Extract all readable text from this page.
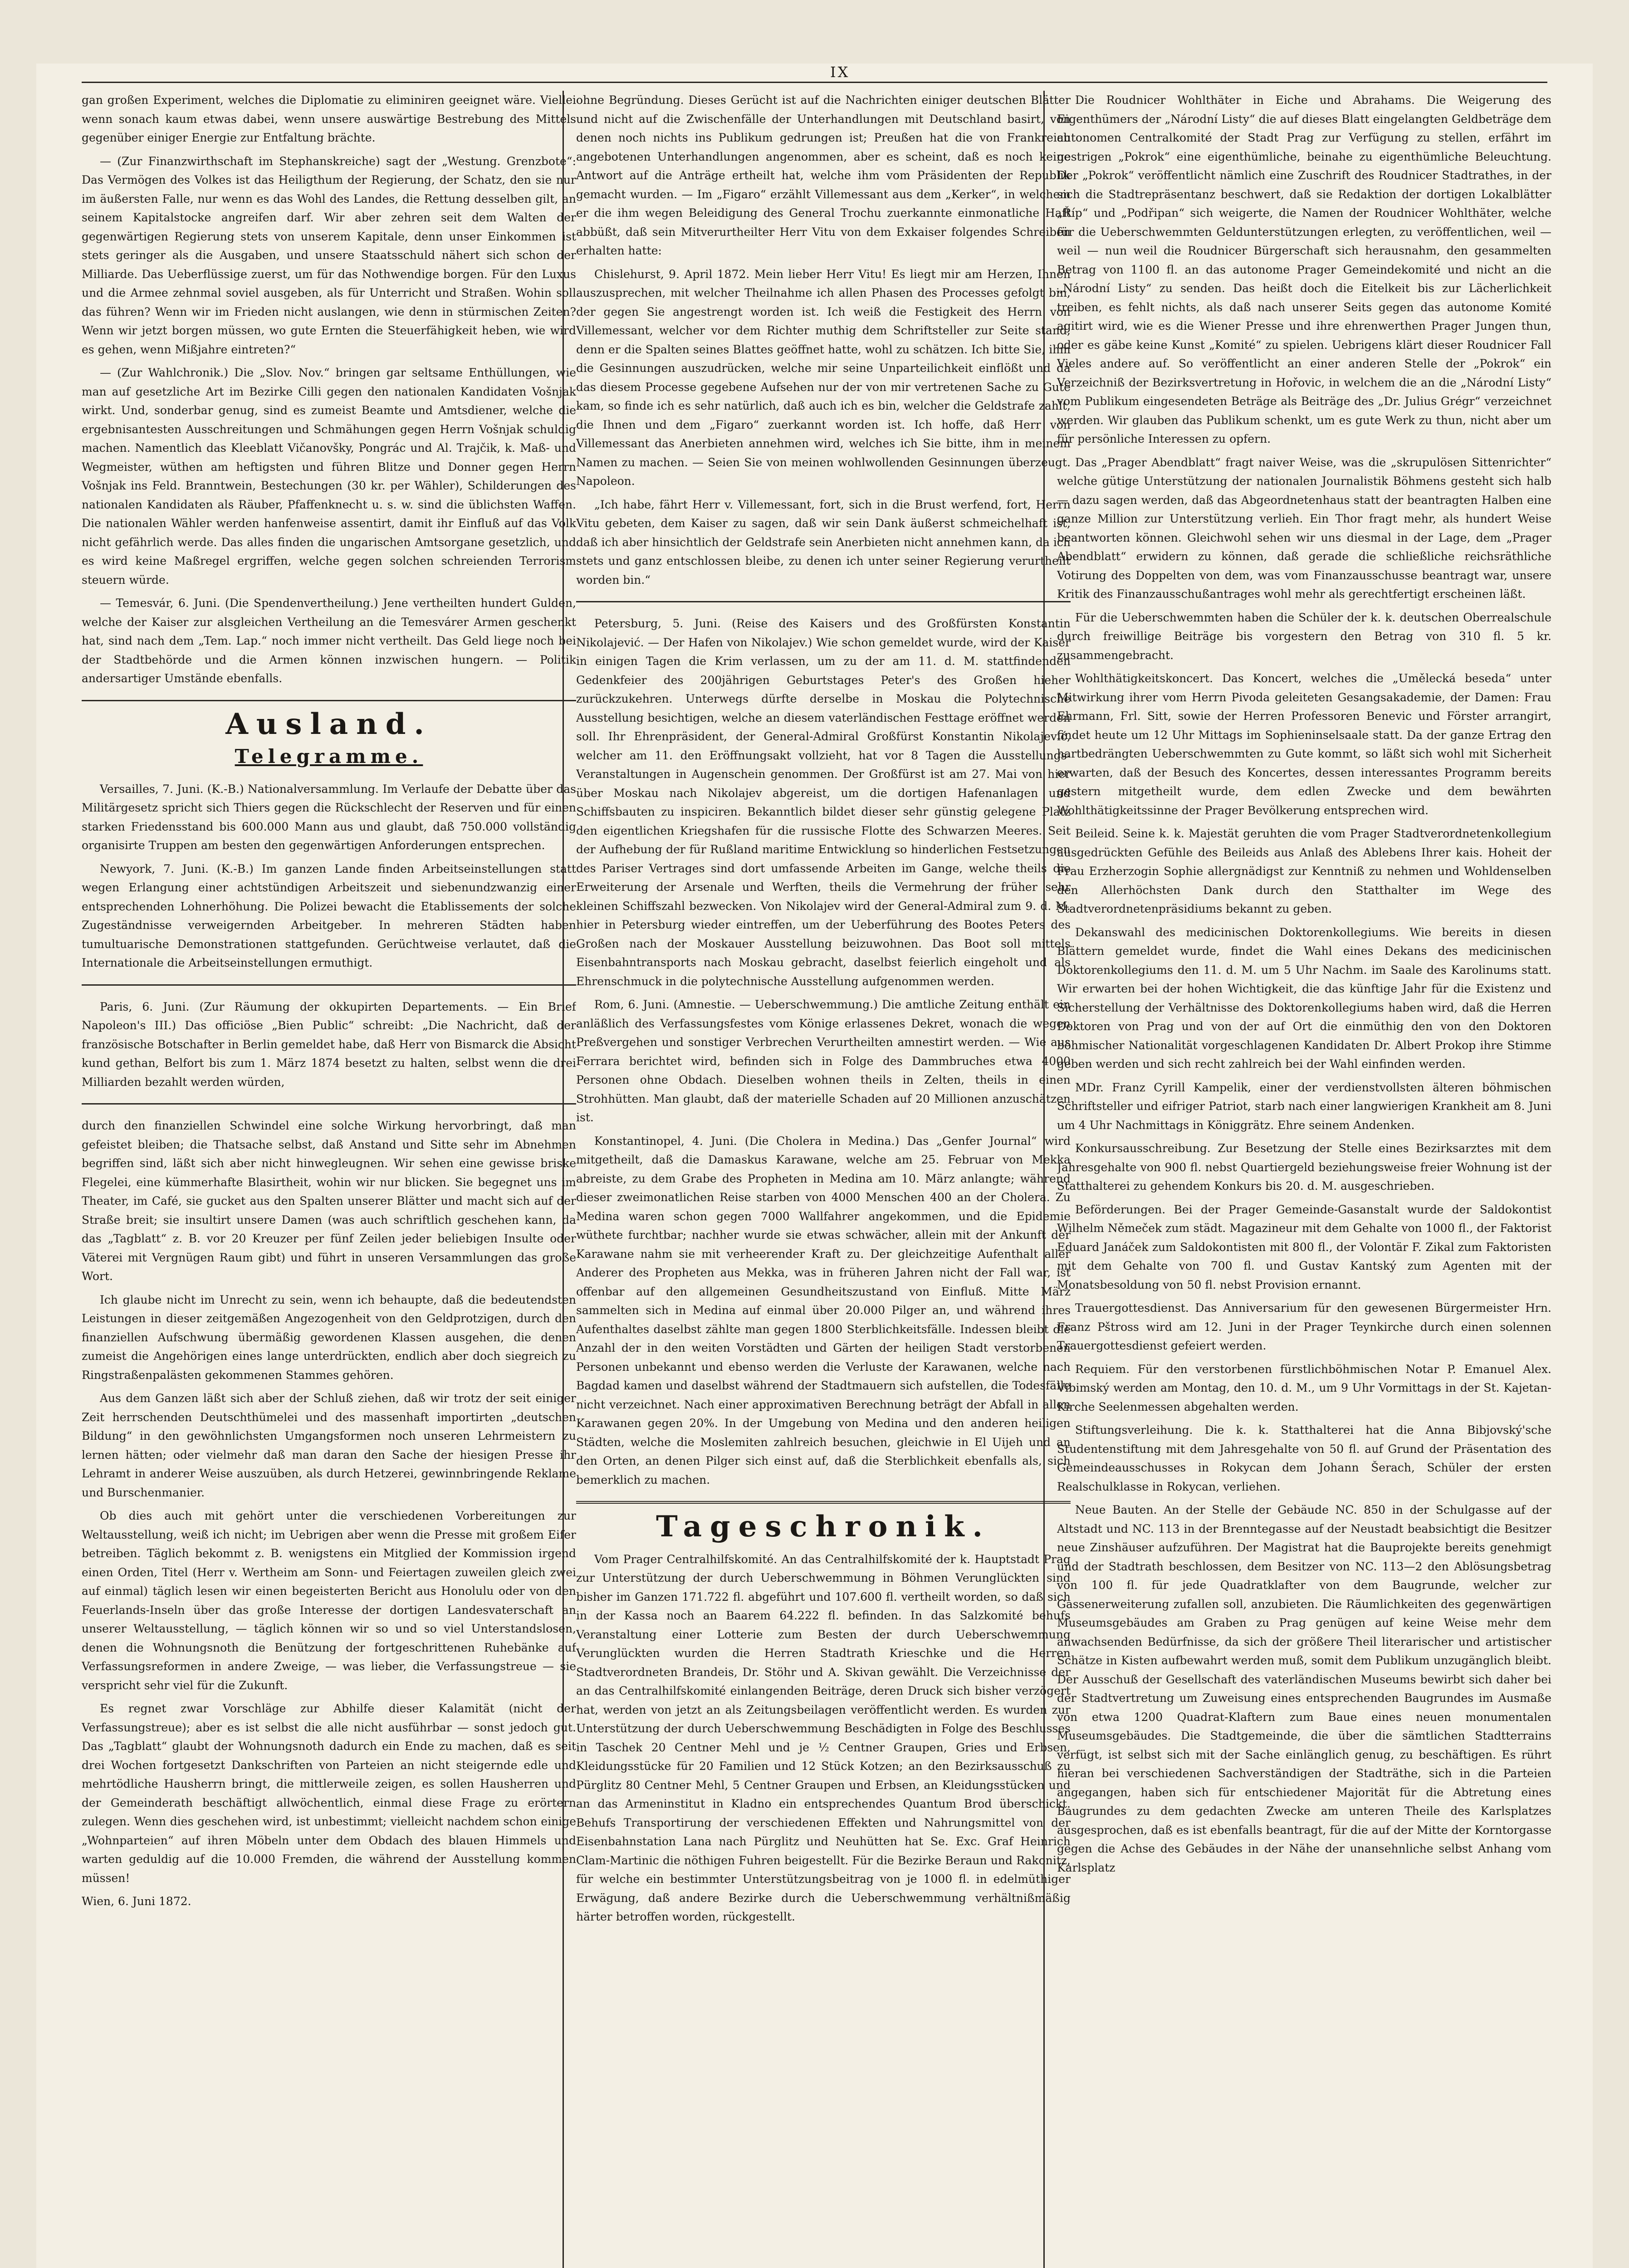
IX

gan großen Experiment, welches die Diplomatie zu eliminiren geeignet wäre. Viellei wenn sonach kaum etwas dabei, wenn unsere auswärtige Bestrebung des Mittels gegenüber einiger Energie zur Entfaltung brächte.

— (Zur Finanzwirthschaft im Stephanskreiche) sagt der „Westung. Grenzbote“: Das Vermögen des Volkes ist das Heiligthum der Regierung, der Schatz, den sie nur im äußersten Falle, nur wenn es das Wohl des Landes, die Rettung desselben gilt, an seinem Kapitalstocke angreifen darf. Wir aber zehren seit dem Walten der gegenwärtigen Regierung stets von unserem Kapitale, denn unser Einkommen ist stets geringer als die Ausgaben, und unsere Staatsschuld nähert sich schon der Milliarde. Das Ueberflüssige zuerst, um für das Nothwendige borgen. Für den Luxus und die Armee zehnmal soviel ausgeben, als für Unterricht und Straßen. Wohin soll das führen? Wenn wir im Frieden nicht auslangen, wie denn in stürmischen Zeiten? Wenn wir jetzt borgen müssen, wo gute Ernten die Steuerfähigkeit heben, wie wird es gehen, wenn Mißjahre eintreten?“

— (Zur Wahlchronik.) Die „Slov. Nov.“ bringen gar seltsame Enthüllungen, wie man auf gesetzliche Art im Bezirke Cilli gegen den nationalen Kandidaten Vošnjak wirkt. Und, sonderbar genug, sind es zumeist Beamte und Amtsdiener, welche die ergebnisantesten Ausschreitungen und Schmähungen gegen Herrn Vošnjak schuldig machen. Namentlich das Kleeblatt Vičanovšky, Pongrác und Al. Trajčik, k. Maß- und Wegmeister, wüthen am heftigsten und führen Blitze und Donner gegen Herrn Vošnjak ins Feld. Branntwein, Bestechungen (30 kr. per Wähler), Schilderungen des nationalen Kandidaten als Räuber, Pfaffenknecht u. s. w. sind die üblichsten Waffen. Die nationalen Wähler werden hanfenweise assentirt, damit ihr Einfluß auf das Volk nicht gefährlich werde. Das alles finden die ungarischen Amtsorgane gesetzlich, und es wird keine Maßregel ergriffen, welche gegen solchen schreienden Terrorism steuern würde.

— Temesvár, 6. Juni. (Die Spendenvertheilung.) Jene vertheilten hundert Gulden, welche der Kaiser zur alsgleichen Vertheilung an die Temesvárer Armen geschenkt hat, sind nach dem „Tem. Lap.“ noch immer nicht vertheilt. Das Geld liege noch bei der Stadtbehörde und die Armen können inzwischen hungern. — Politik andersartiger Umstände ebenfalls.

Ausland.
Telegramme.

Versailles, 7. Juni. (K.-B.) Nationalversammlung. Im Verlaufe der Debatte über das Militärgesetz spricht sich Thiers gegen die Rückschlecht der Reserven und für einen starken Friedensstand bis 600.000 Mann aus und glaubt, daß 750.000 vollständig organisirte Truppen am besten den gegenwärtigen Anforderungen entsprechen.

Newyork, 7. Juni. (K.-B.) Im ganzen Lande finden Arbeitseinstellungen statt wegen Erlangung einer achtstündigen Arbeitszeit und siebenundzwanzig einer entsprechenden Lohnerhöhung. Die Polizei bewacht die Etablissements der solche Zugeständnisse verweigernden Arbeitgeber. In mehreren Städten haben tumultuarische Demonstrationen stattgefunden. Gerüchtweise verlautet, daß die Internationale die Arbeitseinstellungen ermuthigt.

Paris, 6. Juni. (Zur Räumung der okkupirten Departements. — Ein Brief Napoleon's III.) Das officiöse „Bien Public“ schreibt: „Die Nachricht, daß der französische Botschafter in Berlin gemeldet habe, daß Herr von Bismarck die Absicht kund gethan, Belfort bis zum 1. März 1874 besetzt zu halten, selbst wenn die drei Milliarden bezahlt werden würden,

durch den finanziellen Schwindel eine solche Wirkung hervorbringt, daß man gefeistet bleiben; die Thatsache selbst, daß Anstand und Sitte sehr im Abnehmen begriffen sind, läßt sich aber nicht hinwegleugnen. Wir sehen eine gewisse briske Flegelei, eine kümmerhafte Blasirtheit, wohin wir nur blicken. Sie begegnet uns im Theater, im Café, sie gucket aus den Spalten unserer Blätter und macht sich auf der Straße breit; sie insultirt unsere Damen (was auch schriftlich geschehen kann, da das „Tagblatt“ z. B. vor 20 Kreuzer per fünf Zeilen jeder beliebigen Insulte oder Väterei mit Vergnügen Raum gibt) und führt in unseren Versammlungen das große Wort.

Ich glaube nicht im Unrecht zu sein, wenn ich behaupte, daß die bedeutendsten Leistungen in dieser zeitgemäßen Angezogenheit von den Geldprotzigen, durch den finanziellen Aufschwung übermäßig gewordenen Klassen ausgehen, die denen zumeist die Angehörigen eines lange unterdrückten, endlich aber doch siegreich zu Ringstraßenpalästen gekommenen Stammes gehören.

Aus dem Ganzen läßt sich aber der Schluß ziehen, daß wir trotz der seit einiger Zeit herrschenden Deutschthümelei und des massenhaft importirten „deutschen Bildung“ in den gewöhnlichsten Umgangsformen noch unseren Lehrmeistern zu lernen hätten; oder vielmehr daß man daran den Sache der hiesigen Presse ihr Lehramt in anderer Weise auszuüben, als durch Hetzerei, gewinnbringende Reklame und Burschenmanier.

Ob dies auch mit gehört unter die verschiedenen Vorbereitungen zur Weltausstellung, weiß ich nicht; im Uebrigen aber wenn die Presse mit großem Eifer betreiben. Täglich bekommt z. B. wenigstens ein Mitglied der Kommission irgend einen Orden, Titel (Herr v. Wertheim am Sonn- und Feiertagen zuweilen gleich zwei auf einmal) täglich lesen wir einen begeisterten Bericht aus Honolulu oder von den Feuerlands-Inseln über das große Interesse der dortigen Landesvaterschaft an unserer Weltausstellung, — täglich können wir so und so viel Unterstandslosen, denen die Wohnungsnoth die Benützung der fortgeschrittenen Ruhebänke auf Verfassungsreformen in andere Zweige, — was lieber, die Verfassungstreue — sie verspricht sehr viel für die Zukunft.

Es regnet zwar Vorschläge zur Abhilfe dieser Kalamität (nicht der Verfassungstreue); aber es ist selbst die alle nicht ausführbar — sonst jedoch gut. Das „Tagblatt“ glaubt der Wohnungsnoth dadurch ein Ende zu machen, daß es seit drei Wochen fortgesetzt Dankschriften von Parteien an nicht steigernde edle und mehrtödliche Hausherrn bringt, die mittlerweile zeigen, es sollen Hausherren und der Gemeinderath beschäftigt allwöchentlich, einmal diese Frage zu erörtern zulegen. Wenn dies geschehen wird, ist unbestimmt; vielleicht nachdem schon einige „Wohnparteien“ auf ihren Möbeln unter dem Obdach des blauen Himmels und warten geduldig auf die 10.000 Fremden, die während der Ausstellung kommen müssen!

Wien, 6. Juni 1872.

ohne Begründung. Dieses Gerücht ist auf die Nachrichten einiger deutschen Blätter und nicht auf die Zwischenfälle der Unterhandlungen mit Deutschland basirt, von denen noch nichts ins Publikum gedrungen ist; Preußen hat die von Frankreich angebotenen Unterhandlungen angenommen, aber es scheint, daß es noch keine Antwort auf die Anträge ertheilt hat, welche ihm vom Präsidenten der Republik gemacht wurden. — Im „Figaro“ erzählt Villemessant aus dem „Kerker“, in welchem er die ihm wegen Beleidigung des General Trochu zuerkannte einmonatliche Haft abbüßt, daß sein Mitverurtheilter Herr Vitu von dem Exkaiser folgendes Schreiben erhalten hatte:

Chislehurst, 9. April 1872. Mein lieber Herr Vitu! Es liegt mir am Herzen, Ihnen auszusprechen, mit welcher Theilnahme ich allen Phasen des Processes gefolgt bin, der gegen Sie angestrengt worden ist. Ich weiß die Festigkeit des Herrn von Villemessant, welcher vor dem Richter muthig dem Schriftsteller zur Seite stand, denn er die Spalten seines Blattes geöffnet hatte, wohl zu schätzen. Ich bitte Sie, ihm die Gesinnungen auszudrücken, welche mir seine Unparteilichkeit einflößt und da das diesem Processe gegebene Aufsehen nur der von mir vertretenen Sache zu Gute kam, so finde ich es sehr natürlich, daß auch ich es bin, welcher die Geldstrafe zahlt, die Ihnen und dem „Figaro“ zuerkannt worden ist. Ich hoffe, daß Herr von Villemessant das Anerbieten annehmen wird, welches ich Sie bitte, ihm in meinem Namen zu machen. — Seien Sie von meinen wohlwollenden Gesinnungen überzeugt. Napoleon.

„Ich habe, fährt Herr v. Villemessant, fort, sich in die Brust werfend, fort, Herrn Vitu gebeten, dem Kaiser zu sagen, daß wir sein Dank äußerst schmeichelhaft ist, daß ich aber hinsichtlich der Geldstrafe sein Anerbieten nicht annehmen kann, da ich stets und ganz entschlossen bleibe, zu denen ich unter seiner Regierung verurtheilt worden bin.“

Petersburg, 5. Juni. (Reise des Kaisers und des Großfürsten Konstantin Nikolajević. — Der Hafen von Nikolajev.) Wie schon gemeldet wurde, wird der Kaiser in einigen Tagen die Krim verlassen, um zu der am 11. d. M. stattfindenden Gedenkfeier des 200jährigen Geburtstages Peter's des Großen hieher zurückzukehren. Unterwegs dürfte derselbe in Moskau die Polytechnische Ausstellung besichtigen, welche an diesem vaterländischen Festtage eröffnet werden soll. Ihr Ehrenpräsident, der General-Admiral Großfürst Konstantin Nikolajević, welcher am 11. den Eröffnungsakt vollzieht, hat vor 8 Tagen die Ausstellungs-Veranstaltungen in Augenschein genommen. Der Großfürst ist am 27. Mai von hier über Moskau nach Nikolajev abgereist, um die dortigen Hafenanlagen und Schiffsbauten zu inspiciren. Bekanntlich bildet dieser sehr günstig gelegene Platz den eigentlichen Kriegshafen für die russische Flotte des Schwarzen Meeres. Seit der Aufhebung der für Rußland maritime Entwicklung so hinderlichen Festsetzungen des Pariser Vertrages sind dort umfassende Arbeiten im Gange, welche theils die Erweiterung der Arsenale und Werften, theils die Vermehrung der früher sehr kleinen Schiffszahl bezwecken. Von Nikolajev wird der General-Admiral zum 9. d. M. hier in Petersburg wieder eintreffen, um der Ueberführung des Bootes Peters des Großen nach der Moskauer Ausstellung beizuwohnen. Das Boot soll mittels Eisenbahntransports nach Moskau gebracht, daselbst feierlich eingeholt und als Ehrenschmuck in die polytechnische Ausstellung aufgenommen werden.

Rom, 6. Juni. (Amnestie. — Ueberschwemmung.) Die amtliche Zeitung enthält ein anläßlich des Verfassungsfestes vom Könige erlassenes Dekret, wonach die wegen Preßvergehen und sonstiger Verbrechen Verurtheilten amnestirt werden. — Wie aus Ferrara berichtet wird, befinden sich in Folge des Dammbruches etwa 4000 Personen ohne Obdach. Dieselben wohnen theils in Zelten, theils in einen Strohhütten. Man glaubt, daß der materielle Schaden auf 20 Millionen anzuschätzen ist.

Konstantinopel, 4. Juni. (Die Cholera in Medina.) Das „Genfer Journal“ wird mitgetheilt, daß die Damaskus Karawane, welche am 25. Februar von Mekka abreiste, zu dem Grabe des Propheten in Medina am 10. März anlangte; während dieser zweimonatlichen Reise starben von 4000 Menschen 400 an der Cholera. Zu Medina waren schon gegen 7000 Wallfahrer angekommen, und die Epidemie wüthete furchtbar; nachher wurde sie etwas schwächer, allein mit der Ankunft der Karawane nahm sie mit verheerender Kraft zu. Der gleichzeitige Aufenthalt aller Anderer des Propheten aus Mekka, was in früheren Jahren nicht der Fall war, ist offenbar auf den allgemeinen Gesundheitszustand von Einfluß. Mitte März sammelten sich in Medina auf einmal über 20.000 Pilger an, und während ihres Aufenthaltes daselbst zählte man gegen 1800 Sterblichkeitsfälle. Indessen bleibt die Anzahl der in den weiten Vorstädten und Gärten der heiligen Stadt verstorbenen Personen unbekannt und ebenso werden die Verluste der Karawanen, welche nach Bagdad kamen und daselbst während der Stadtmauern sich aufstellen, die Todesfälle nicht verzeichnet. Nach einer approximativen Berechnung beträgt der Abfall in allen Karawanen gegen 20%. In der Umgebung von Medina und den anderen heiligen Städten, welche die Moslemiten zahlreich besuchen, gleichwie in El Uijeh und an den Orten, an denen Pilger sich einst auf, daß die Sterblichkeit ebenfalls als, sich bemerklich zu machen.

Tageschronik.

Vom Prager Centralhilfskomité. An das Centralhilfskomité der k. Hauptstadt Prag zur Unterstützung der durch Ueberschwemmung in Böhmen Verunglückten sind bisher im Ganzen 171.722 fl. abgeführt und 107.600 fl. vertheilt worden, so daß sich in der Kassa noch an Baarem 64.222 fl. befinden. In das Salzkomité behufs Veranstaltung einer Lotterie zum Besten der durch Ueberschwemmung Verunglückten wurden die Herren Stadtrath Krieschke und die Herren Stadtverordneten Brandeis, Dr. Stöhr und A. Skivan gewählt. Die Verzeichnisse der an das Centralhilfskomité einlangenden Beiträge, deren Druck sich bisher verzögert hat, werden von jetzt an als Zeitungsbeilagen veröffentlicht werden. Es wurden zur Unterstützung der durch Ueberschwemmung Beschädigten in Folge des Beschlusses in Taschek 20 Centner Mehl und je ½ Centner Graupen, Gries und Erbsen, Kleidungsstücke für 20 Familien und 12 Stück Kotzen; an den Bezirksausschuß zu Pürglitz 80 Centner Mehl, 5 Centner Graupen und Erbsen, an Kleidungsstücken und an das Armeninstitut in Kladno ein entsprechendes Quantum Brod überschickt. Behufs Transportirung der verschiedenen Effekten und Nahrungsmittel von der Eisenbahnstation Lana nach Pürglitz und Neuhütten hat Se. Exc. Graf Heinrich Clam-Martinic die nöthigen Fuhren beigestellt. Für die Bezirke Beraun und Rakonitz, für welche ein bestimmter Unterstützungsbeitrag von je 1000 fl. in edelmüthiger Erwägung, daß andere Bezirke durch die Ueberschwemmung verhältnißmäßig härter betroffen worden, rückgestellt.

Die Roudnicer Wohlthäter in Eiche und Abrahams. Die Weigerung des Eigenthümers der „Národní Listy“ die auf dieses Blatt eingelangten Geldbeträge dem autonomen Centralkomité der Stadt Prag zur Verfügung zu stellen, erfährt im gestrigen „Pokrok“ eine eigenthümliche, beinahe zu eigenthümliche Beleuchtung. Der „Pokrok“ veröffentlicht nämlich eine Zuschrift des Roudnicer Stadtrathes, in der sich die Stadtrepräsentanz beschwert, daß sie Redaktion der dortigen Lokalblätter „Říp“ und „Podřipan“ sich weigerte, die Namen der Roudnicer Wohlthäter, welche für die Ueberschwemmten Geldunterstützungen erlegten, zu veröffentlichen, weil — weil — nun weil die Roudnicer Bürgerschaft sich herausnahm, den gesammelten Betrag von 1100 fl. an das autonome Prager Gemeindekomité und nicht an die „Národní Listy“ zu senden. Das heißt doch die Eitelkeit bis zur Lächerlichkeit treiben, es fehlt nichts, als daß nach unserer Seits gegen das autonome Komité agitirt wird, wie es die Wiener Presse und ihre ehrenwerthen Prager Jungen thun, oder es gäbe keine Kunst „Komité“ zu spielen. Uebrigens klärt dieser Roudnicer Fall Vieles andere auf. So veröffentlicht an einer anderen Stelle der „Pokrok“ ein Verzeichniß der Bezirksvertretung in Hořovic, in welchem die an die „Národní Listy“ vom Publikum eingesendeten Beträge als Beiträge des „Dr. Julius Grégr“ verzeichnet werden. Wir glauben das Publikum schenkt, um es gute Werk zu thun, nicht aber um für persönliche Interessen zu opfern.

Das „Prager Abendblatt“ fragt naiver Weise, was die „skrupulösen Sittenrichter“ welche gütige Unterstützung der nationalen Journalistik Böhmens gesteht sich halb — dazu sagen werden, daß das Abgeordnetenhaus statt der beantragten Halben eine ganze Million zur Unterstützung verlieh. Ein Thor fragt mehr, als hundert Weise beantworten können. Gleichwohl sehen wir uns diesmal in der Lage, dem „Prager Abendblatt“ erwidern zu können, daß gerade die schließliche reichsräthliche Votirung des Doppelten von dem, was vom Finanzausschusse beantragt war, unsere Kritik des Finanzausschußantrages wohl mehr als gerechtfertigt erscheinen läßt.

Für die Ueberschwemmten haben die Schüler der k. k. deutschen Oberrealschule durch freiwillige Beiträge bis vorgestern den Betrag von 310 fl. 5 kr. zusammengebracht.

Wohlthätigkeitskoncert. Das Koncert, welches die „Umělecká beseda“ unter Mitwirkung ihrer vom Herrn Pivoda geleiteten Gesangsakademie, der Damen: Frau Ehrmann, Frl. Sitt, sowie der Herren Professoren Benevic und Förster arrangirt, findet heute um 12 Uhr Mittags im Sophieninselsaale statt. Da der ganze Ertrag den hartbedrängten Ueberschwemmten zu Gute kommt, so läßt sich wohl mit Sicherheit erwarten, daß der Besuch des Koncertes, dessen interessantes Programm bereits gestern mitgetheilt wurde, dem edlen Zwecke und dem bewährten Wohlthätigkeitssinne der Prager Bevölkerung entsprechen wird.

Beileid. Seine k. k. Majestät geruhten die vom Prager Stadtverordnetenkollegium ausgedrückten Gefühle des Beileids aus Anlaß des Ablebens Ihrer kais. Hoheit der Frau Erzherzogin Sophie allergnädigst zur Kenntniß zu nehmen und Wohldenselben den Allerhöchsten Dank durch den Statthalter im Wege des Stadtverordnetenpräsidiums bekannt zu geben.

Dekanswahl des medicinischen Doktorenkollegiums. Wie bereits in diesen Blättern gemeldet wurde, findet die Wahl eines Dekans des medicinischen Doktorenkollegiums den 11. d. M. um 5 Uhr Nachm. im Saale des Karolinums statt. Wir erwarten bei der hohen Wichtigkeit, die das künftige Jahr für die Existenz und Sicherstellung der Verhältnisse des Doktorenkollegiums haben wird, daß die Herren Doktoren von Prag und von der auf Ort die einmüthig den von den Doktoren böhmischer Nationalität vorgeschlagenen Kandidaten Dr. Albert Prokop ihre Stimme geben werden und sich recht zahlreich bei der Wahl einfinden werden.

MDr. Franz Cyrill Kampelik, einer der verdienstvollsten älteren böhmischen Schriftsteller und eifriger Patriot, starb nach einer langwierigen Krankheit am 8. Juni um 4 Uhr Nachmittags in Königgrätz. Ehre seinem Andenken.

Konkursausschreibung. Zur Besetzung der Stelle eines Bezirksarztes mit dem Jahresgehalte von 900 fl. nebst Quartiergeld beziehungsweise freier Wohnung ist der Statthalterei zu gehendem Konkurs bis 20. d. M. ausgeschrieben.

Beförderungen. Bei der Prager Gemeinde-Gasanstalt wurde der Saldokontist Wilhelm Němeček zum städt. Magazineur mit dem Gehalte von 1000 fl., der Faktorist Eduard Janáček zum Saldokontisten mit 800 fl., der Volontär F. Zikal zum Faktoristen mit dem Gehalte von 700 fl. und Gustav Kantský zum Agenten mit der Monatsbesoldung von 50 fl. nebst Provision ernannt.

Trauergottesdienst. Das Anniversarium für den gewesenen Bürgermeister Hrn. Franz Pštross wird am 12. Juni in der Prager Teynkirche durch einen solennen Trauergottesdienst gefeiert werden.

Requiem. Für den verstorbenen fürstlichböhmischen Notar P. Emanuel Alex. Vibimský werden am Montag, den 10. d. M., um 9 Uhr Vormittags in der St. Kajetan-Kirche Seelenmessen abgehalten werden.

Stiftungsverleihung. Die k. k. Statthalterei hat die Anna Bibjovský'sche Studentenstiftung mit dem Jahresgehalte von 50 fl. auf Grund der Präsentation des Gemeindeausschusses in Rokycan dem Johann Šerach, Schüler der ersten Realschulklasse in Rokycan, verliehen.

Neue Bauten. An der Stelle der Gebäude NC. 850 in der Schulgasse auf der Altstadt und NC. 113 in der Brenntegasse auf der Neustadt beabsichtigt die Besitzer neue Zinshäuser aufzuführen. Der Magistrat hat die Bauprojekte bereits genehmigt und der Stadtrath beschlossen, dem Besitzer von NC. 113—2 den Ablösungsbetrag von 100 fl. für jede Quadratklafter von dem Baugrunde, welcher zur Gassenerweiterung zufallen soll, anzubieten. Die Räumlichkeiten des gegenwärtigen Museumsgebäudes am Graben zu Prag genügen auf keine Weise mehr dem anwachsenden Bedürfnisse, da sich der größere Theil literarischer und artistischer Schätze in Kisten aufbewahrt werden muß, somit dem Publikum unzugänglich bleibt. Der Ausschuß der Gesellschaft des vaterländischen Museums bewirbt sich daher bei der Stadtvertretung um Zuweisung eines entsprechenden Baugrundes im Ausmaße von etwa 1200 Quadrat-Klaftern zum Baue eines neuen monumentalen Museumsgebäudes. Die Stadtgemeinde, die über die sämtlichen Stadtterrains verfügt, ist selbst sich mit der Sache einlänglich genug, zu beschäftigen. Es rührt hieran bei verschiedenen Sachverständigen der Stadträthe, sich in die Parteien angegangen, haben sich für entschiedener Majorität für die Abtretung eines Baugrundes zu dem gedachten Zwecke am unteren Theile des Karlsplatzes ausgesprochen, daß es ist ebenfalls beantragt, für die auf der Mitte der Korntorgasse gegen die Achse des Gebäudes in der Nähe der unansehnliche selbst Anhang vom Karlsplatz
